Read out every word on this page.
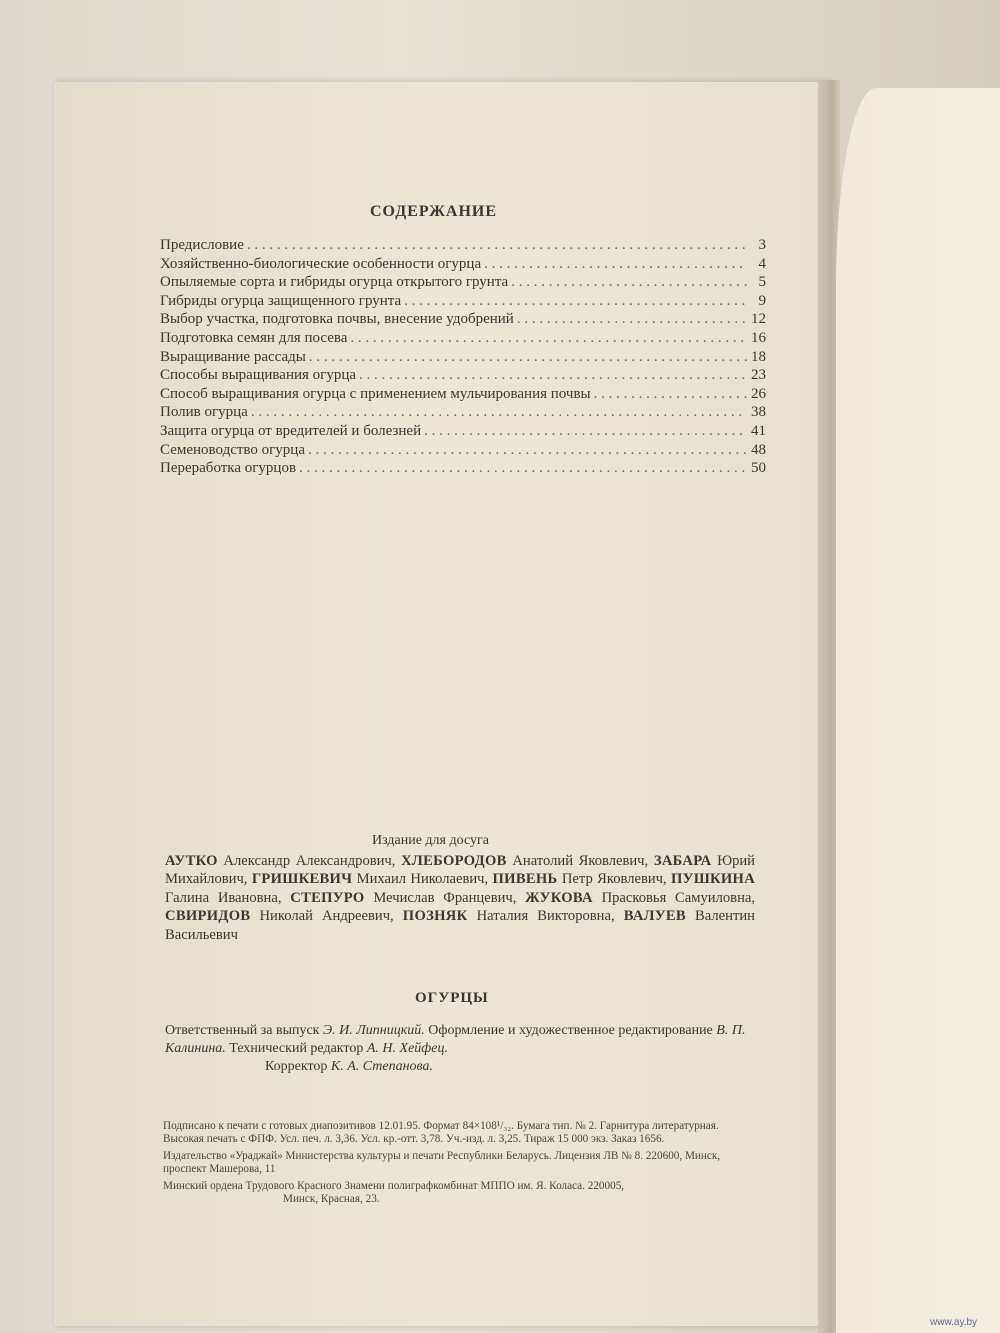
СОДЕРЖАНИЕ
Предисловие . . .	3
Хозяйственно-биологические особенности огурца . . .	4
Опыляемые сорта и гибриды огурца открытого грунта . . .	5
Гибриды огурца защищенного грунта . . .	9
Выбор участка, подготовка почвы, внесение удобрений . . .	12
Подготовка семян для посева . . .	16
Выращивание рассады . . .	18
Способы выращивания огурца . . .	23
Способ выращивания огурца с применением мульчирования почвы . . .	26
Полив огурца . . .	38
Защита огурца от вредителей и болезней . . .	41
Семеноводство огурца . . .	48
Переработка огурцов . . .	50
Издание для досуга
АУТКО Александр Александрович, ХЛЕБОРОДОВ Анатолий Яковлевич, ЗАБАРА Юрий Михайлович, ГРИШКЕВИЧ Михаил Николаевич, ПИВЕНЬ Петр Яковлевич, ПУШКИНА Галина Ивановна, СТЕПУРО Мечислав Францевич, ЖУКОВА Прасковья Самуиловна, СВИРИДОВ Николай Андреевич, ПОЗНЯК Наталия Викторовна, ВАЛУЕВ Валентин Васильевич
ОГУРЦЫ
Ответственный за выпуск Э. И. Липницкий. Оформление и художественное редактирование В. П. Калинина. Технический редактор А. Н. Хейфец.
Корректор К. А. Степанова.

Подписано к печати с готовых диапозитивов 12.01.95. Формат 84×108¹/₃₂. Бумага тип. № 2. Гарнитура литературная. Высокая печать с ФПФ. Усл. печ. л. 3,36. Усл. кр.-отт. 3,78. Уч.-изд. л. 3,25. Тираж 15 000 экз. Заказ 1656.

Издательство «Ураджай» Министерства культуры и печати Республики Беларусь. Лицензия ЛВ № 8. 220600, Минск, проспект Машерова, 11

Минский ордена Трудового Красного Знамени полиграфкомбинат МППО им. Я. Коласа. 220005,

Минск, Красная, 23.

www.ay.by
